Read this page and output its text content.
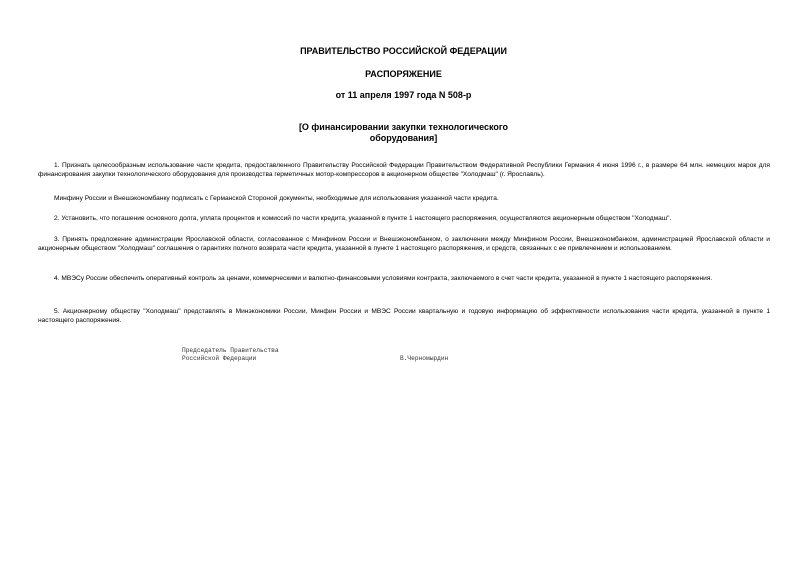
ПРАВИТЕЛЬСТВО РОССИЙСКОЙ ФЕДЕРАЦИИ
РАСПОРЯЖЕНИЕ
от 11 апреля 1997 года N 508-р
[О финансировании закупки технологического
оборудования]
1. Признать целесообразным использование части кредита, предоставленного Правительству Российской Федерации Правительством Федеративной Республики Германия 4 июня 1996 г., в размере 64 млн. немецких марок для финансирования закупки технологического оборудования для производства герметичных мотор-компрессоров в акционерном обществе "Холодмаш" (г. Ярославль).
Минфину России и Внешэкономбанку подписать с Германской Стороной документы, необходимые для использования указанной части кредита.
2. Установить, что погашение основного долга, уплата процентов и комиссий по части кредита, указанной в пункте 1 настоящего распоряжения, осуществляются акционерным обществом "Холодмаш".
3. Принять предложение администрации Ярославской области, согласованное с Минфином России и Внешэкономбанком, о заключении между Минфином России, Внешэкономбанком, администрацией Ярославской области и акционерным обществом "Холодмаш" соглашения о гарантиях полного возврата части кредита, указанной в пункте 1 настоящего распоряжения, и средств, связанных с ее привлечением и использованием.
4. МВЭСу России обеспечить оперативный контроль за ценами, коммерческими и валютно-финансовыми условиями контракта, заключаемого в счет части кредита, указанной в пункте 1 настоящего распоряжения.
5. Акционерному обществу "Холодмаш" представлять в Минэкономики России, Минфин России и МВЭС России квартальную и годовую информацию об эффективности использования части кредита, указанной в пункте 1 настоящего распоряжения.
Председатель Правительства
Российской Федерации	В.Черномырдин
